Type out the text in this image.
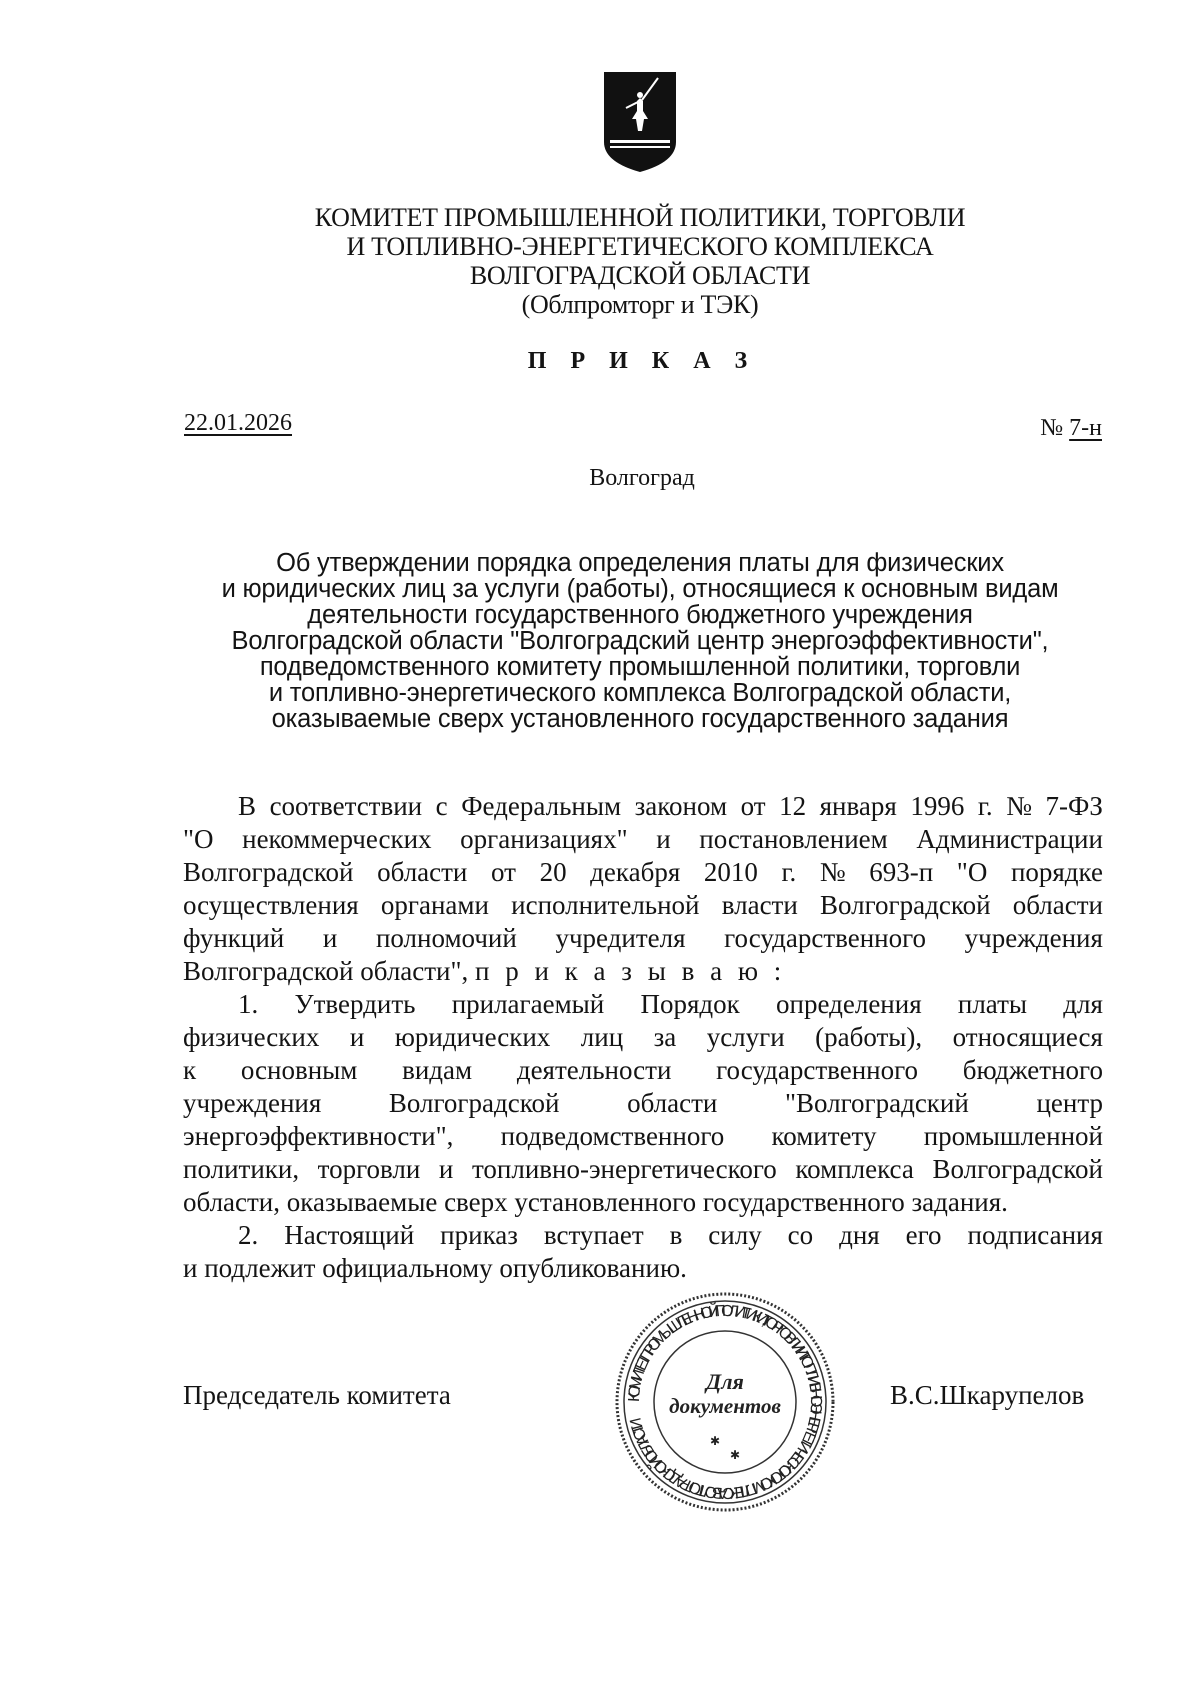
КОМИТЕТ ПРОМЫШЛЕННОЙ ПОЛИТИКИ, ТОРГОВЛИ
И ТОПЛИВНО-ЭНЕРГЕТИЧЕСКОГО КОМПЛЕКСА
ВОЛГОГРАДСКОЙ ОБЛАСТИ
(Облпромторг и ТЭК)
П Р И К А З
22.01.2026	№ 7-н
Волгоград
Об утверждении порядка определения платы для физических
и юридических лиц за услуги (работы), относящиеся к основным видам
деятельности государственного бюджетного учреждения
Волгоградской области "Волгоградский центр энергоэффективности",
подведомственного комитету промышленной политики, торговли
и топливно-энергетического комплекса Волгоградской области,
оказываемые сверх установленного государственного задания
В соответствии с Федеральным законом от 12 января 1996 г. № 7-ФЗ
"О некоммерческих организациях" и постановлением Администрации
Волгоградской области от 20 декабря 2010 г. № 693-п "О порядке
осуществления органами исполнительной власти Волгоградской области
функций и полномочий учредителя государственного учреждения
Волгоградской области", п р и к а з ы в а ю :
1. Утвердить прилагаемый Порядок определения платы для
физических и юридических лиц за услуги (работы), относящиеся
к основным видам деятельности государственного бюджетного
учреждения	Волгоградской	области	"Волгоградский	центр
энергоэффективности", подведомственного комитету промышленной
политики, торговли и топливно-энергетического комплекса Волгоградской
области, оказываемые сверх установленного государственного задания.
2. Настоящий приказ вступает в силу со дня его подписания
и подлежит официальному опубликованию.
Председатель комитета	КОМИТЕТ ПРОМЫШЛЕННОЙ ПОЛИТИКИ, ТОРГОВЛИ И ТОПЛИВНО-ЭНЕРГЕТИЧЕСКОГО КОМПЛЕКСА ВОЛГОГРАДСКОЙ ОБЛАСТИ
Для
документов
✱
✱
В.С.Шкарупелов
